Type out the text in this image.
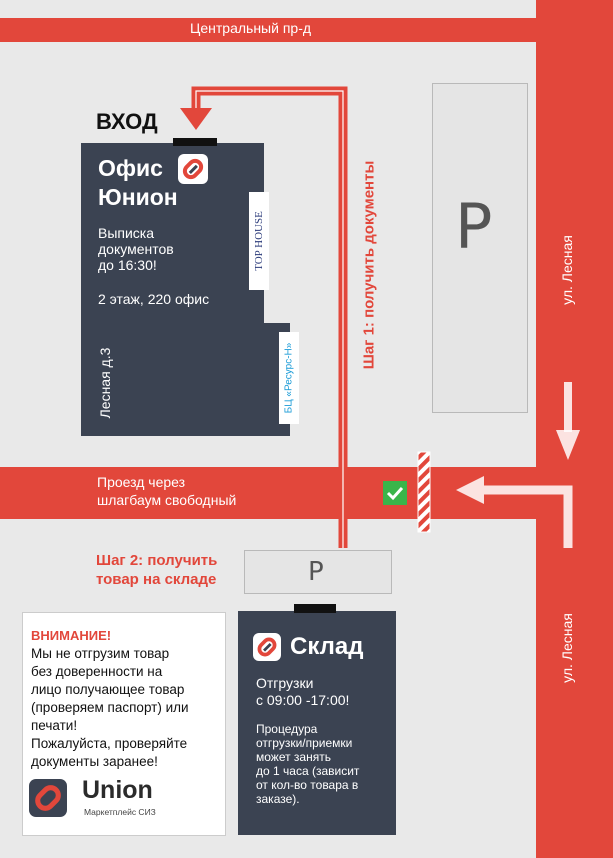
Центральный пр-д
ул. Лесная
ул. Лесная
Проезд через
шлагбаум свободный
P
ВХОД
Офис
Юнион
Выписка
документов
до 16:30!
2 этаж, 220 офис
Лесная д.3
TOP HOUSE
БЦ «Ресурс-Н»
Шаг 1: получить документы
Шаг 2: получить
товар на складе	P
Склад
Отгрузки
с 09:00 -17:00!
Процедура
отгрузки/приемки
может занять
до 1 часа (зависит
от кол-во товара в
заказе).
ВНИМАНИЕ!
Мы не отгрузим товар
без доверенности на
лицо получающее товар
(проверяем паспорт) или
печати!
Пожалуйста, проверяйте
документы заранее!
Union
Маркетплейс СИЗ
